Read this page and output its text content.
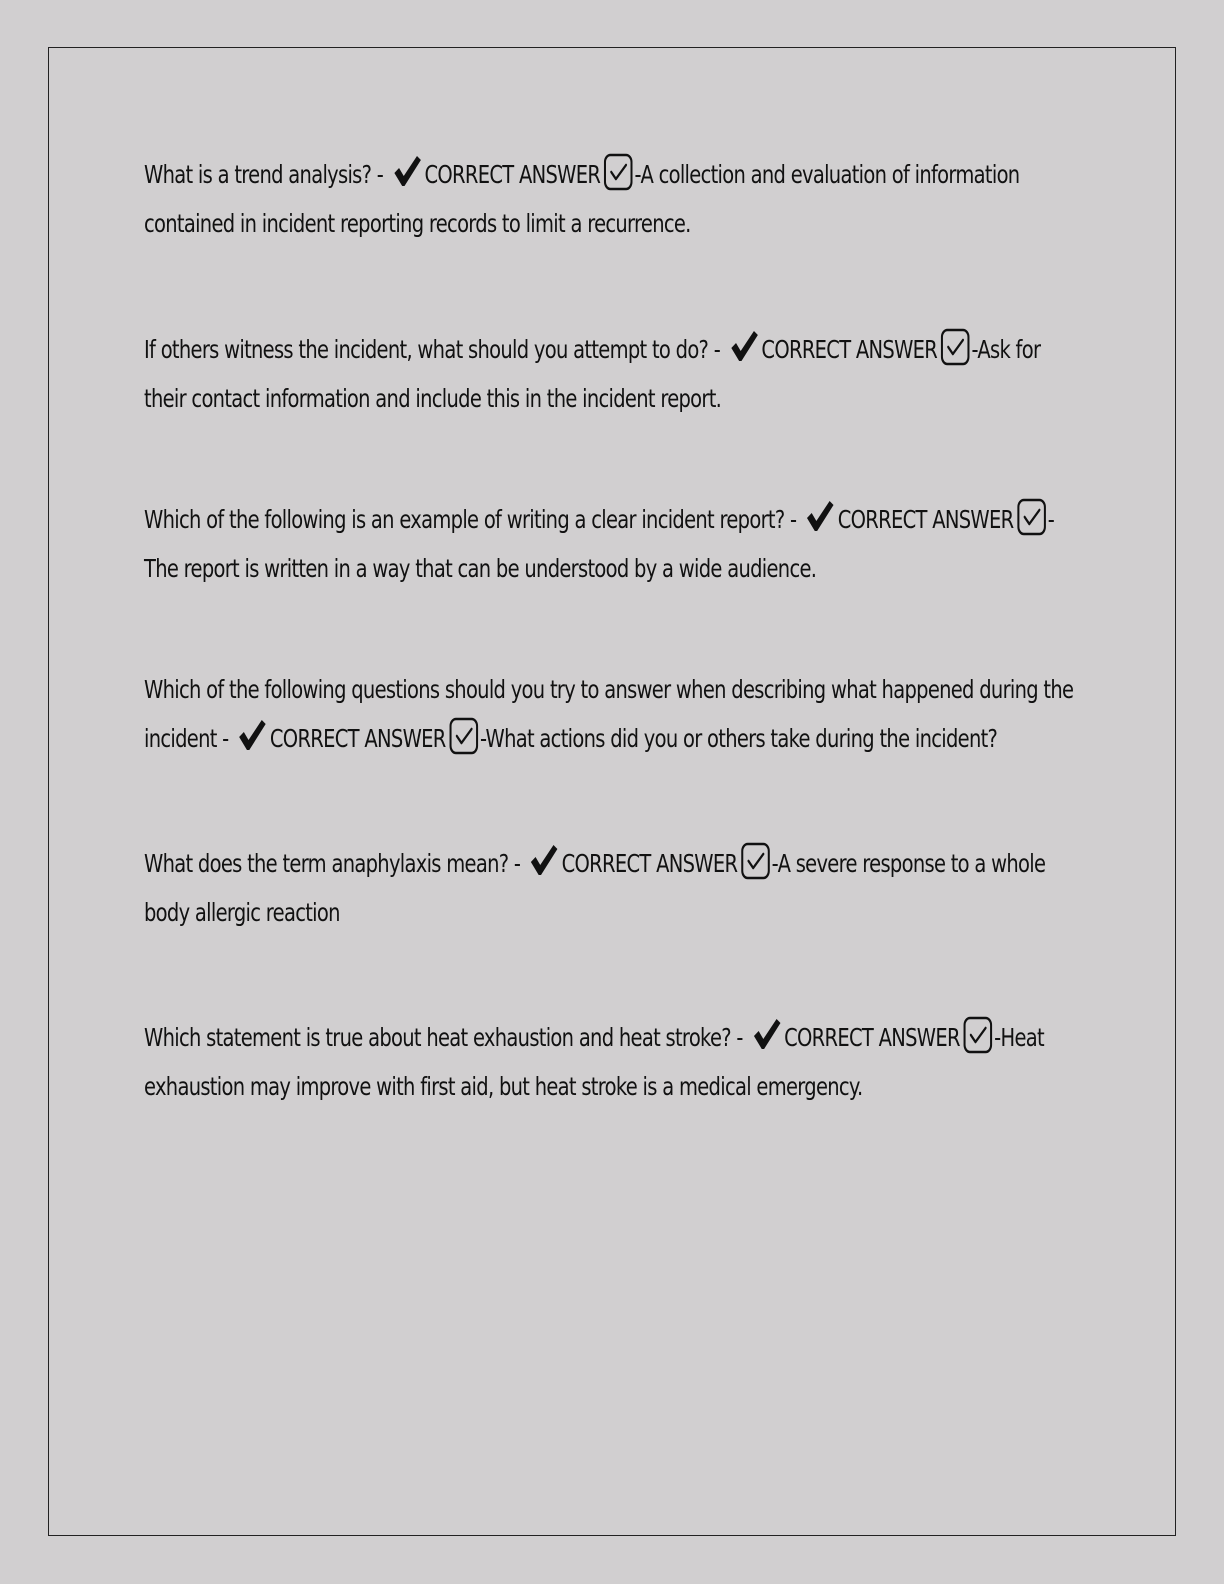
What is a trend analysis? - CORRECT ANSWER -A collection and evaluation of information contained in incident reporting records to limit a recurrence.

If others witness the incident, what should you attempt to do? - CORRECT ANSWER -Ask for their contact information and include this in the incident report.

Which of the following is an example of writing a clear incident report? - CORRECT ANSWER -The report is written in a way that can be understood by a wide audience.

Which of the following questions should you try to answer when describing what happened during the incident - CORRECT ANSWER -What actions did you or others take during the incident?

What does the term anaphylaxis mean? - CORRECT ANSWER -A severe response to a whole body allergic reaction

Which statement is true about heat exhaustion and heat stroke? - CORRECT ANSWER -Heat exhaustion may improve with first aid, but heat stroke is a medical emergency.
